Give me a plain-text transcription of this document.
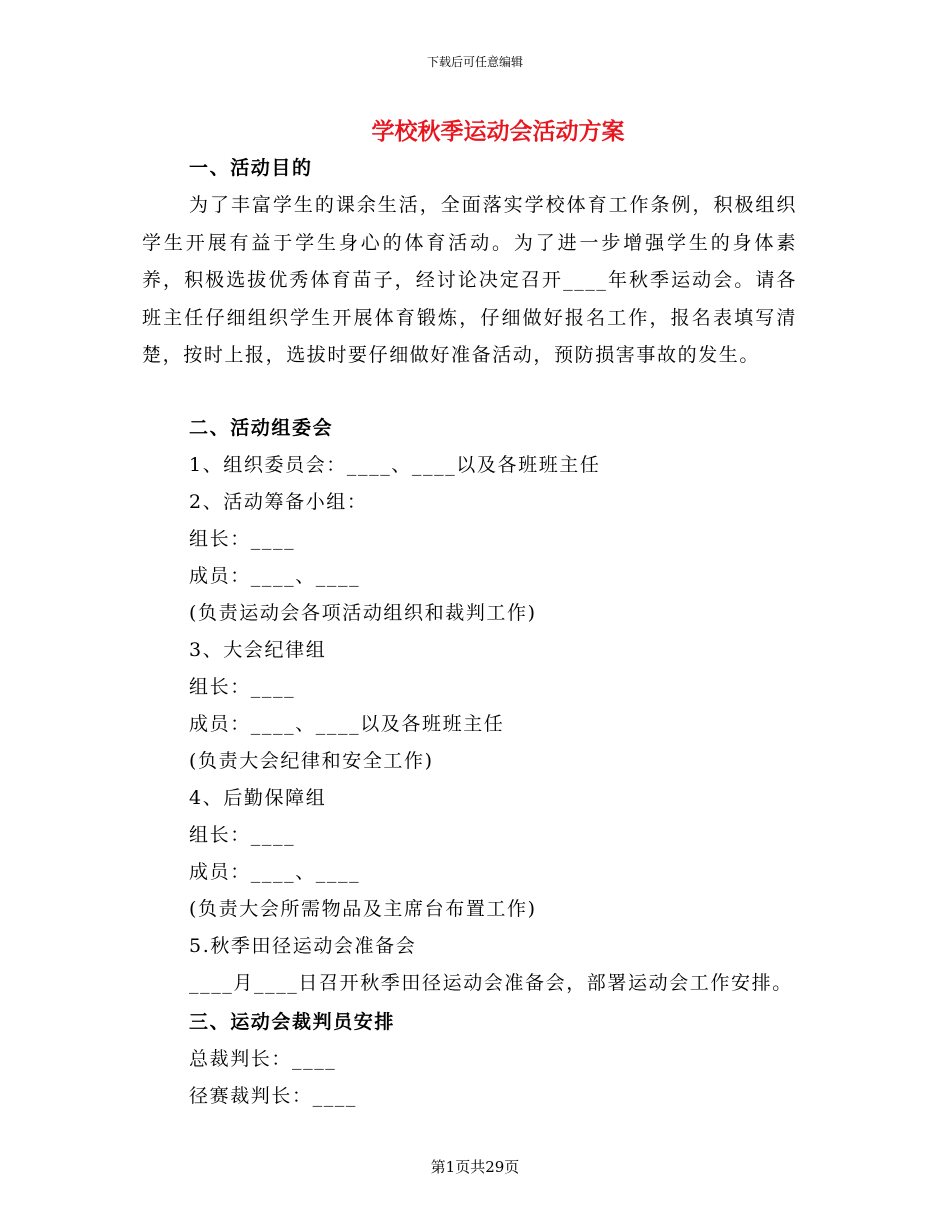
下载后可任意编辑
学校秋季运动会活动方案
一、活动目的
为了丰富学生的课余生活，全面落实学校体育工作条例，积极组织学生开展有益于学生身心的体育活动。为了进一步增强学生的身体素养，积极选拔优秀体育苗子，经讨论决定召开____年秋季运动会。请各班主任仔细组织学生开展体育锻炼，仔细做好报名工作，报名表填写清楚，按时上报，选拔时要仔细做好准备活动，预防损害事故的发生。
二、活动组委会
1、组织委员会：____、____以及各班班主任
2、活动筹备小组：
组长：____
成员：____、____
(负责运动会各项活动组织和裁判工作)
3、大会纪律组
组长：____
成员：____、____以及各班班主任
(负责大会纪律和安全工作)
4、后勤保障组
组长：____
成员：____、____
(负责大会所需物品及主席台布置工作)
5.秋季田径运动会准备会
____月____日召开秋季田径运动会准备会，部署运动会工作安排。
三、运动会裁判员安排
总裁判长：____
径赛裁判长：____
第1页共29页
